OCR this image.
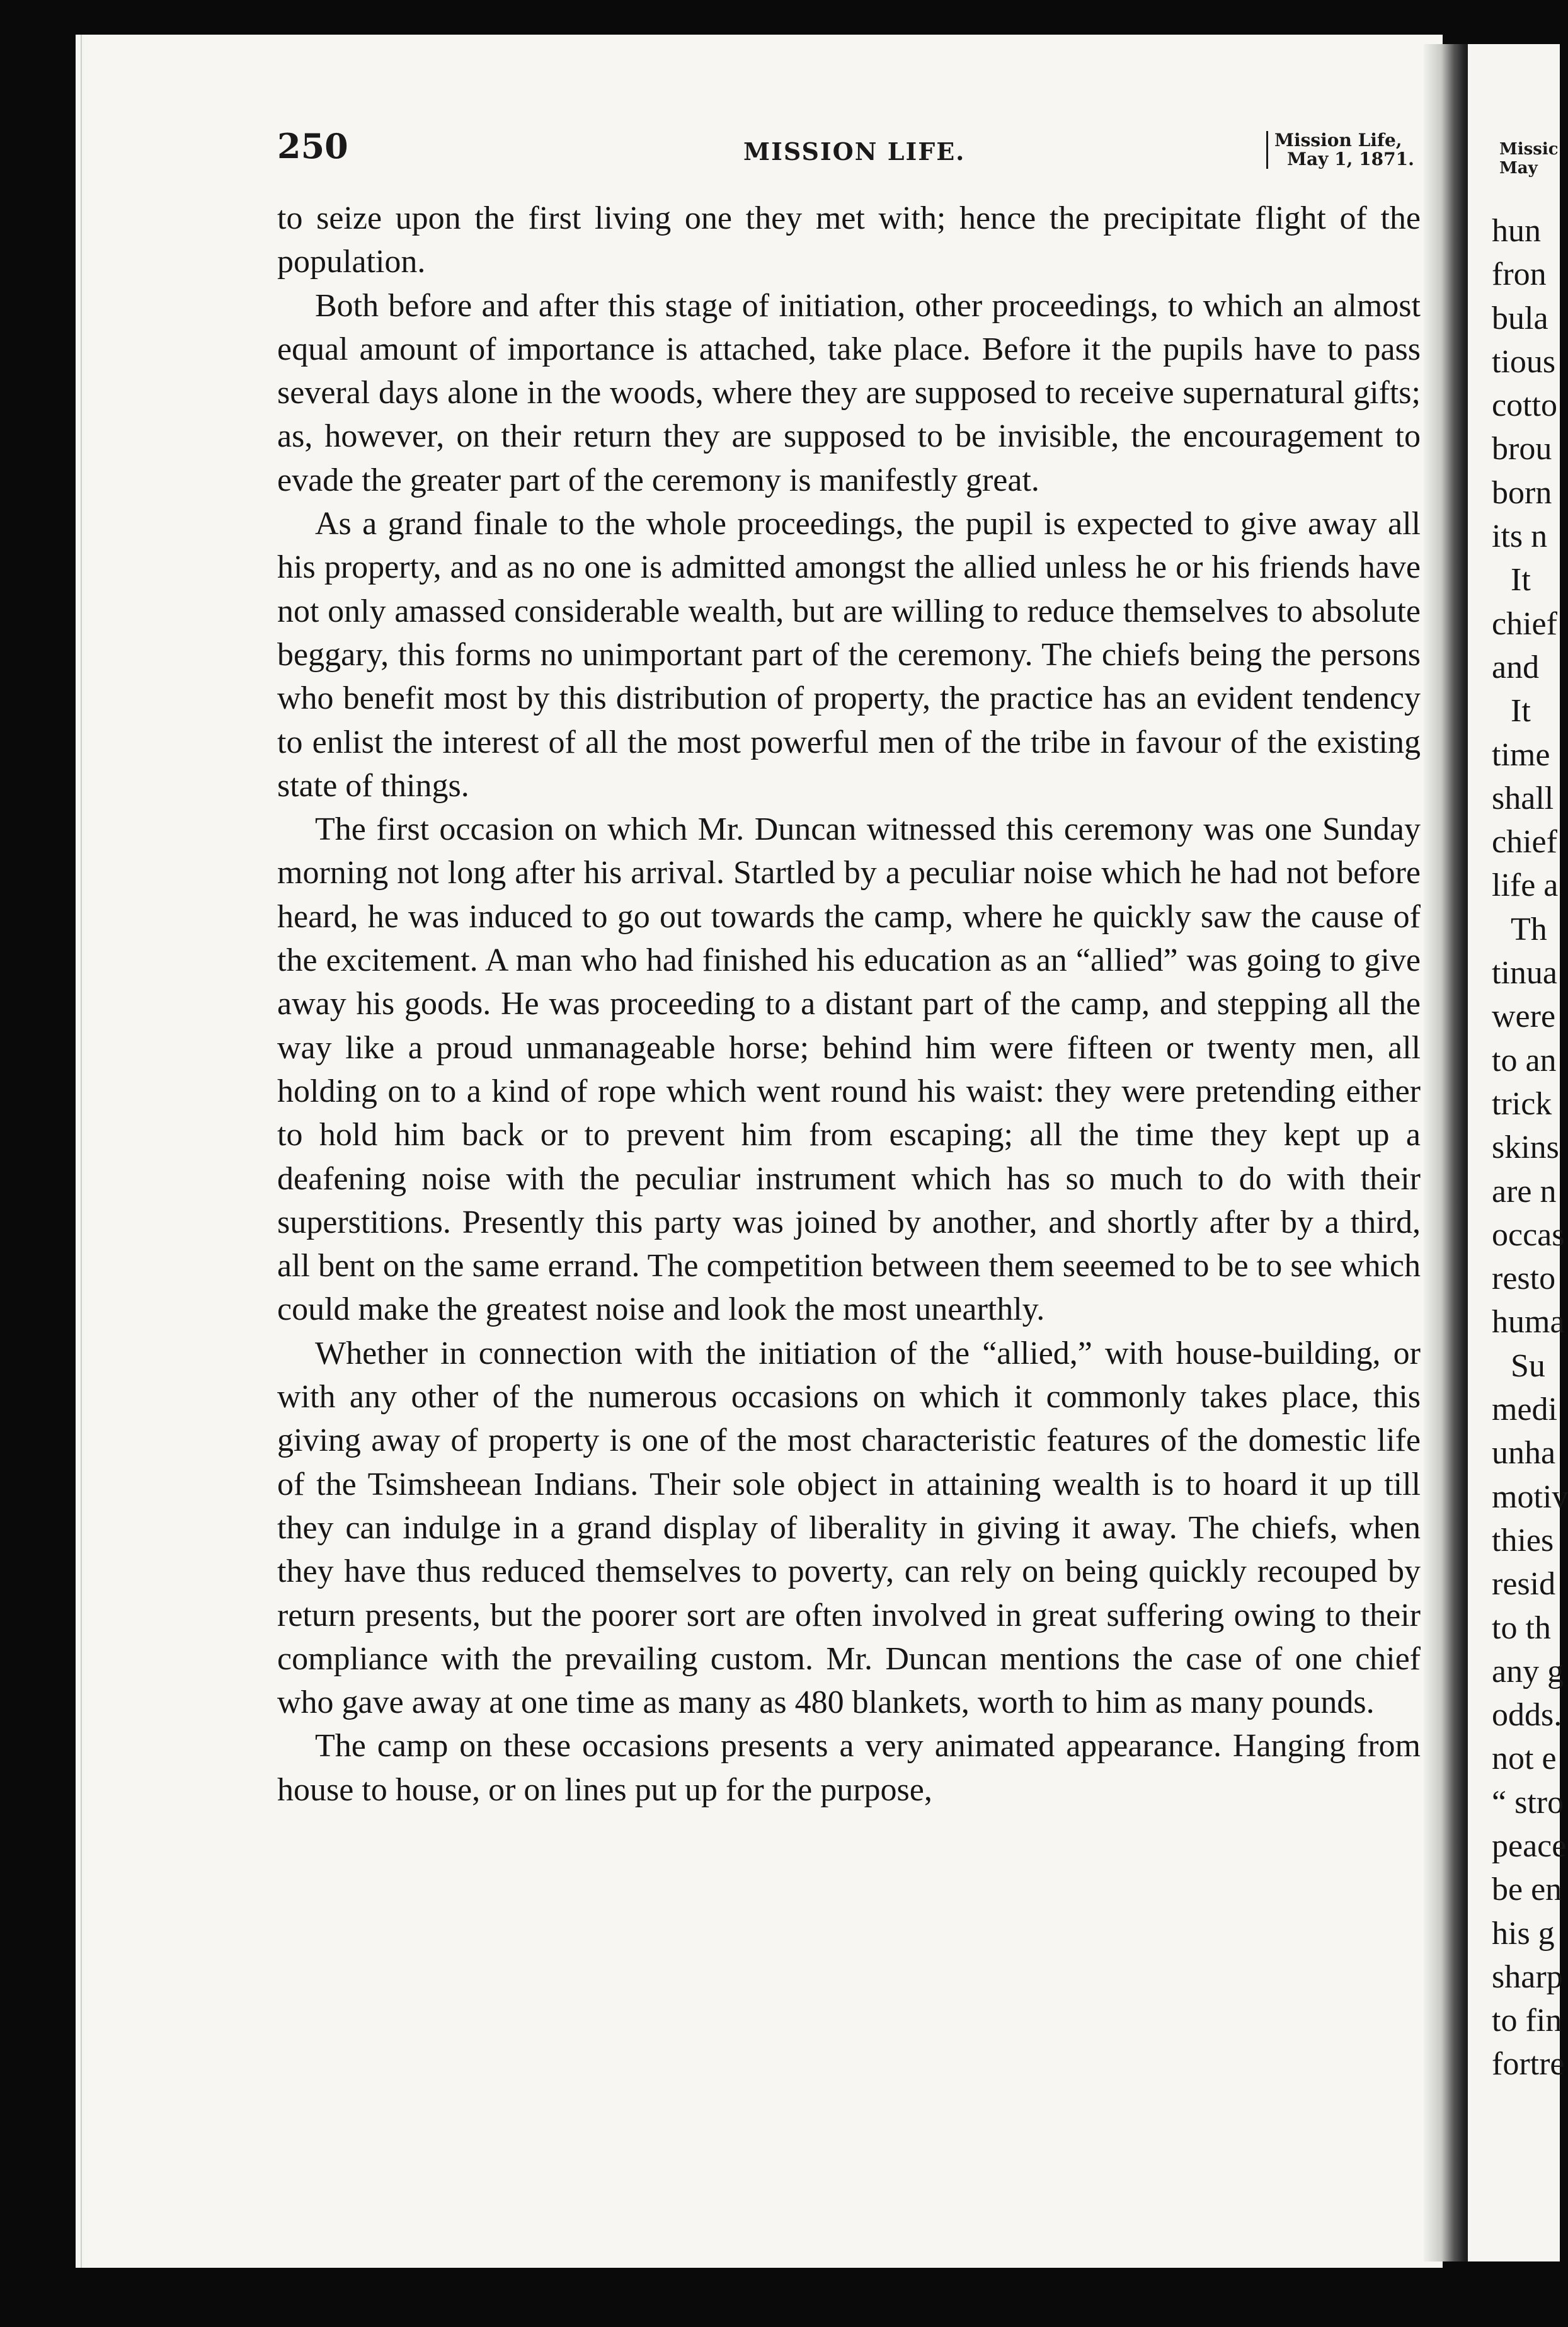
250	MISSION LIFE.	Mission Life,
May 1, 1871.

to seize upon the first living one they met with; hence the precipitate flight of the population.

Both before and after this stage of initiation, other proceedings, to which an almost equal amount of importance is attached, take place. Before it the pupils have to pass several days alone in the woods, where they are supposed to receive supernatural gifts; as, however, on their return they are supposed to be invisible, the encouragement to evade the greater part of the ceremony is manifestly great.

As a grand finale to the whole proceedings, the pupil is expected to give away all his property, and as no one is admitted amongst the allied unless he or his friends have not only amassed considerable wealth, but are willing to reduce themselves to absolute beggary, this forms no unimportant part of the ceremony. The chiefs being the persons who benefit most by this distribution of property, the practice has an evident tendency to enlist the interest of all the most powerful men of the tribe in favour of the existing state of things.

The first occasion on which Mr. Duncan witnessed this ceremony was one Sunday morning not long after his arrival. Startled by a peculiar noise which he had not before heard, he was induced to go out towards the camp, where he quickly saw the cause of the excitement. A man who had finished his education as an “allied” was going to give away his goods. He was proceeding to a distant part of the camp, and stepping all the way like a proud unmanageable horse; behind him were fifteen or twenty men, all holding on to a kind of rope which went round his waist: they were pretending either to hold him back or to prevent him from escaping; all the time they kept up a deafening noise with the peculiar instrument which has so much to do with their superstitions. Presently this party was joined by another, and shortly after by a third, all bent on the same errand. The competition between them seeemed to be to see which could make the greatest noise and look the most unearthly.

Whether in connection with the initiation of the “allied,” with house-building, or with any other of the numerous occasions on which it commonly takes place, this giving away of property is one of the most characteristic features of the domestic life of the Tsimsheean Indians. Their sole object in attaining wealth is to hoard it up till they can indulge in a grand display of liberality in giving it away. The chiefs, when they have thus reduced themselves to poverty, can rely on being quickly recouped by return presents, but the poorer sort are often involved in great suffering owing to their compliance with the prevailing custom. Mr. Duncan mentions the case of one chief who gave away at one time as many as 480 blankets, worth to him as many pounds.

The camp on these occasions presents a very animated appearance. Hanging from house to house, or on lines put up for the purpose,

Missic
May
hun
fron
bula
tious
cotto
brou
born
its n
It
chief
and
It
time
shall
chief
life a
Th
tinua
were
to an
trick
skins
are n
occas
resto
huma
Su
medi
unha
motiv
thies
resid
to th
any g
odds.
not e
“ stro
peace
be en
his g
sharp
to fin
fortre
